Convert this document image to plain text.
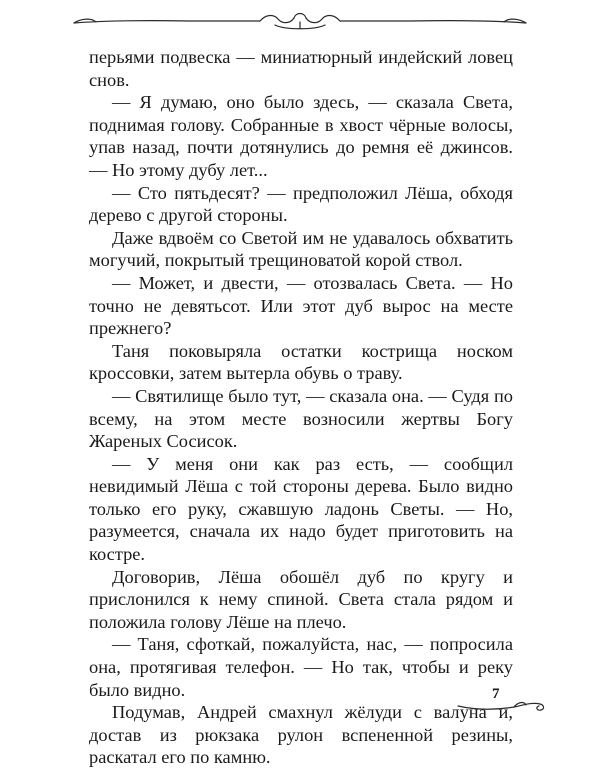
перьями подвеска — миниатюрный индейский ловец снов.

— Я думаю, оно было здесь, — сказала Света, поднимая голову. Собранные в хвост чёрные волосы, упав назад, почти дотянулись до ремня её джинсов. — Но этому дубу лет...

— Сто пятьдесят? — предположил Лёша, обходя дерево с другой стороны.

Даже вдвоём со Светой им не удавалось обхватить могучий, покрытый трещиноватой корой ствол.

— Может, и двести, — отозвалась Света. — Но точно не девятьсот. Или этот дуб вырос на месте прежнего?

Таня поковыряла остатки кострища носком кроссовки, затем вытерла обувь о траву.

— Святилище было тут, — сказала она. — Судя по всему, на этом месте возносили жертвы Богу Жареных Сосисок.

— У меня они как раз есть, — сообщил невидимый Лёша с той стороны дерева. Было видно только его руку, сжавшую ладонь Светы. — Но, разумеется, сначала их надо будет приготовить на костре.

Договорив, Лёша обошёл дуб по кругу и прислонился к нему спиной. Света стала рядом и положила голову Лёше на плечо.

— Таня, сфоткай, пожалуйста, нас, — попросила она, протягивая телефон. — Но так, чтобы и реку было видно.

Подумав, Андрей смахнул жёлуди с валуна и, достав из рюкзака рулон вспененной резины, раскатал его по камню.

7
